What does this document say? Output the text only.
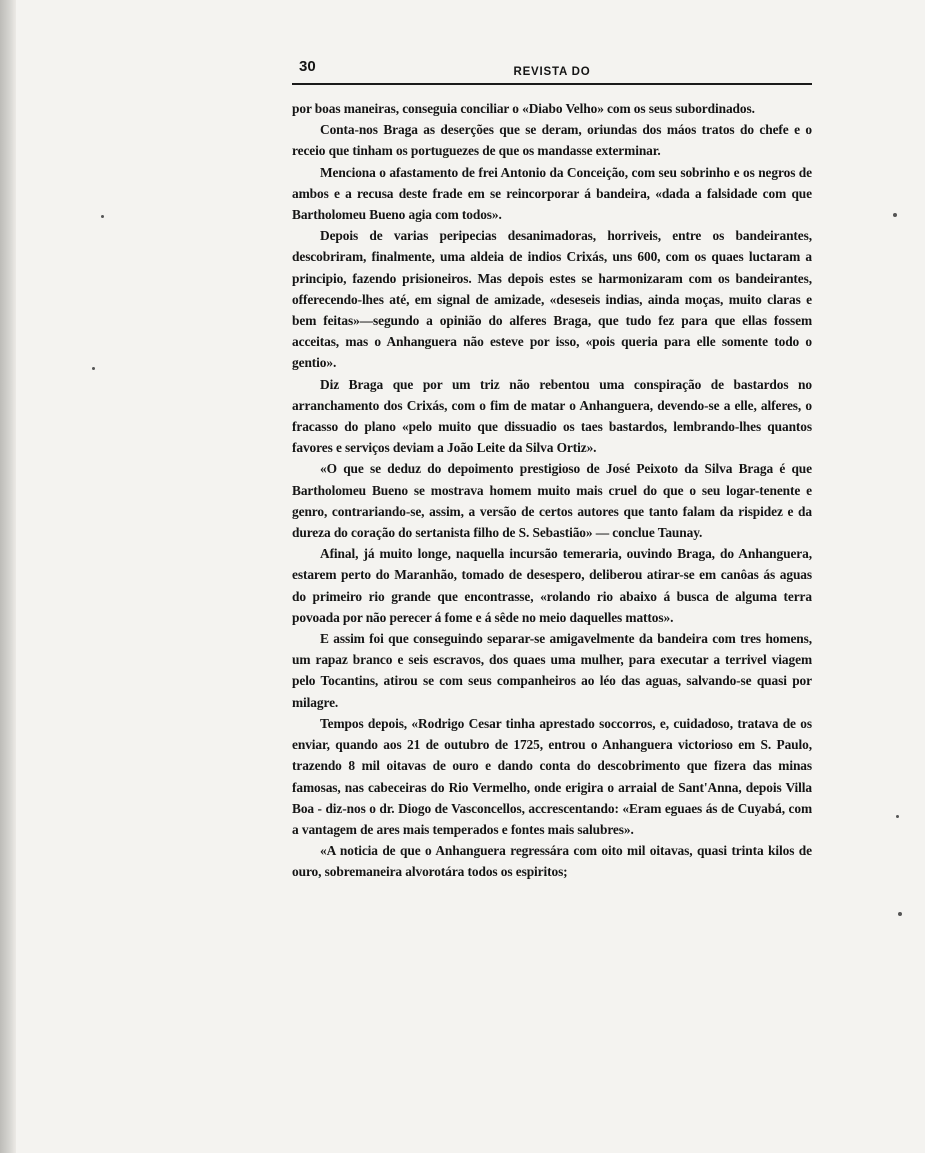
30	REVISTA DO

por boas maneiras, conseguia conciliar o «Diabo Velho» com os seus subordinados.

Conta-nos Braga as deserções que se deram, oriundas dos máos tratos do chefe e o receio que tinham os portuguezes de que os mandasse exterminar.

Menciona o afastamento de frei Antonio da Conceição, com seu sobrinho e os negros de ambos e a recusa deste frade em se reincorporar á bandeira, «dada a falsidade com que Bartholomeu Bueno agia com todos».

Depois de varias peripecias desanimadoras, horriveis, entre os bandeirantes, descobriram, finalmente, uma aldeia de indios Crixás, uns 600, com os quaes luctaram a principio, fazendo prisioneiros. Mas depois estes se harmonizaram com os bandeirantes, offerecendo-lhes até, em signal de amizade, «deseseis indias, ainda moças, muito claras e bem feitas»—segundo a opinião do alferes Braga, que tudo fez para que ellas fossem acceitas, mas o Anhanguera não esteve por isso, «pois queria para elle somente todo o gentio».

Diz Braga que por um triz não rebentou uma conspiração de bastardos no arranchamento dos Crixás, com o fim de matar o Anhanguera, devendo-se a elle, alferes, o fracasso do plano «pelo muito que dissuadio os taes bastardos, lembrando-lhes quantos favores e serviços deviam a João Leite da Silva Ortiz».

«O que se deduz do depoimento prestigioso de José Peixoto da Silva Braga é que Bartholomeu Bueno se mostrava homem muito mais cruel do que o seu logar-tenente e genro, contrariando-se, assim, a versão de certos autores que tanto falam da rispidez e da dureza do coração do sertanista filho de S. Sebastião» — conclue Taunay.

Afinal, já muito longe, naquella incursão temeraria, ouvindo Braga, do Anhanguera, estarem perto do Maranhão, tomado de desespero, deliberou atirar-se em canôas ás aguas do primeiro rio grande que encontrasse, «rolando rio abaixo á busca de alguma terra povoada por não perecer á fome e á sêde no meio daquelles mattos».

E assim foi que conseguindo separar-se amigavelmente da bandeira com tres homens, um rapaz branco e seis escravos, dos quaes uma mulher, para executar a terrivel viagem pelo Tocantins, atirou se com seus companheiros ao léo das aguas, salvando-se quasi por milagre.

Tempos depois, «Rodrigo Cesar tinha aprestado soccorros, e, cuidadoso, tratava de os enviar, quando aos 21 de outubro de 1725, entrou o Anhanguera victorioso em S. Paulo, trazendo 8 mil oitavas de ouro e dando conta do descobrimento que fizera das minas famosas, nas cabeceiras do Rio Vermelho, onde erigira o arraial de Sant'Anna, depois Villa Boa - diz-nos o dr. Diogo de Vasconcellos, accrescentando: «Eram eguaes ás de Cuyabá, com a vantagem de ares mais temperados e fontes mais salubres».

«A noticia de que o Anhanguera regressára com oito mil oitavas, quasi trinta kilos de ouro, sobremaneira alvorotára todos os espiritos;
